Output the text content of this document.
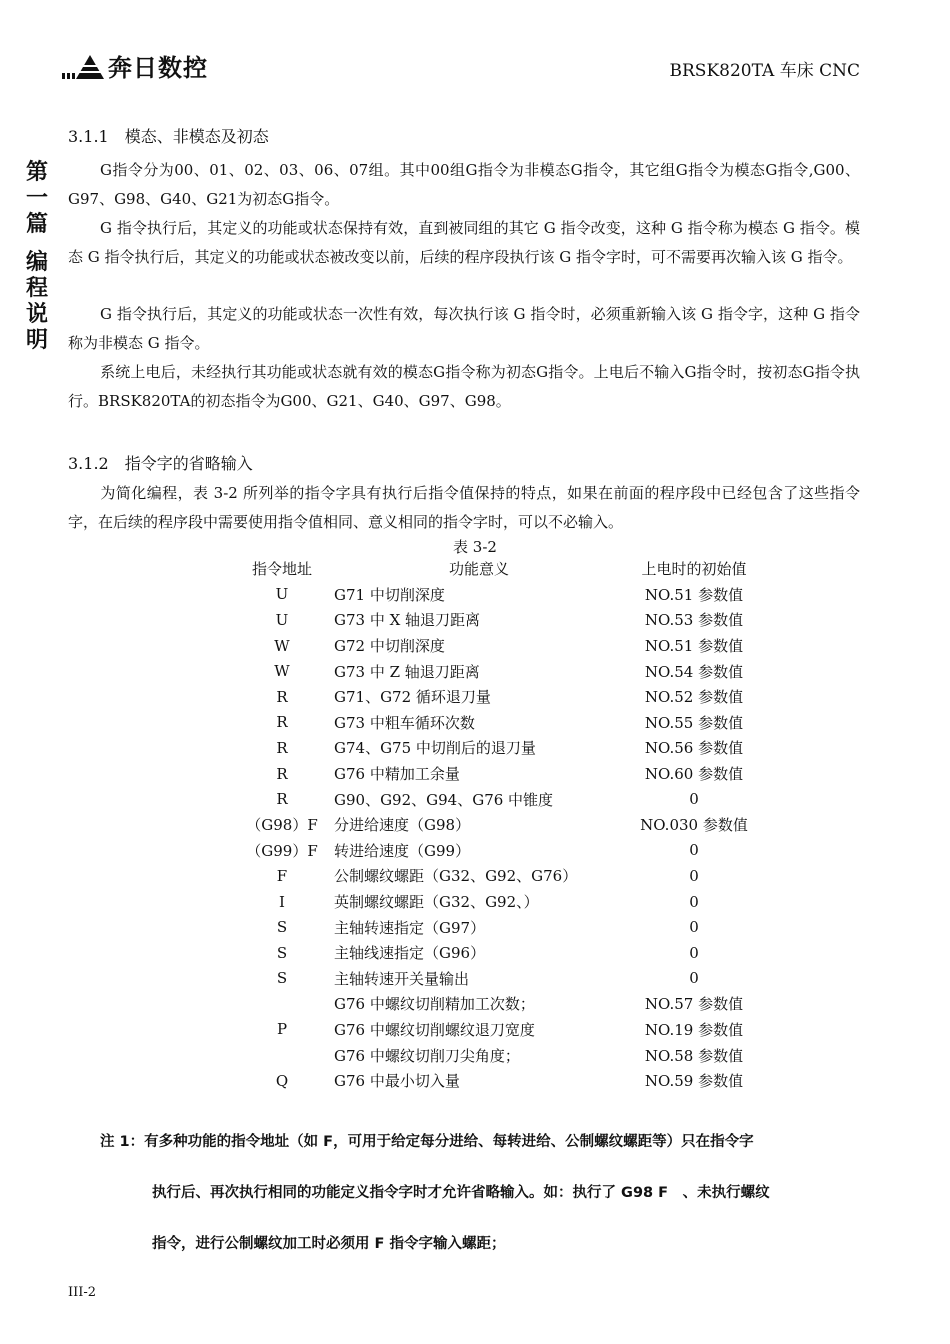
奔日数控	BRSK820TA 车床 CNC
第
一
篇
编
程
说
明
3.1.1　模态、非模态及初态
G指令分为00、01、02、03、06、07组。其中00组G指令为非模态G指令，其它组G指令为模态G指令,G00、G97、G98、G40、G21为初态G指令。
G 指令执行后，其定义的功能或状态保持有效，直到被同组的其它 G 指令改变，这种 G 指令称为模态 G 指令。模态 G 指令执行后，其定义的功能或状态被改变以前，后续的程序段执行该 G 指令字时，可不需要再次输入该 G 指令。
G 指令执行后，其定义的功能或状态一次性有效，每次执行该 G 指令时，必须重新输入该 G 指令字，这种 G 指令称为非模态 G 指令。
系统上电后，未经执行其功能或状态就有效的模态G指令称为初态G指令。上电后不输入G指令时，按初态G指令执行。BRSK820TA的初态指令为G00、G21、G40、G97、G98。
3.1.2　指令字的省略输入
为简化编程，表 3-2 所列举的指令字具有执行后指令值保持的特点，如果在前面的程序段中已经包含了这些指令字，在后续的程序段中需要使用指令值相同、意义相同的指令字时，可以不必输入。
表 3-2
指令地址	功能意义	上电时的初始值
U	G71 中切削深度	NO.51 参数值
U	G73 中 X 轴退刀距离	NO.53 参数值
W	G72 中切削深度	NO.51 参数值
W	G73 中 Z 轴退刀距离	NO.54 参数值
R	G71、G72 循环退刀量	NO.52 参数值
R	G73 中粗车循环次数	NO.55 参数值
R	G74、G75 中切削后的退刀量	NO.56 参数值
R	G76 中精加工余量	NO.60 参数值
R	G90、G92、G94、G76 中锥度	0
（G98）F	分进给速度（G98）	NO.030 参数值
（G99）F	转进给速度（G99）	0
F	公制螺纹螺距（G32、G92、G76）	0
I	英制螺纹螺距（G32、G92、）	0
S	主轴转速指定（G97）	0
S	主轴线速指定（G96）	0
S	主轴转速开关量输出	0
	G76 中螺纹切削精加工次数；	NO.57 参数值
P	G76 中螺纹切削螺纹退刀宽度	NO.19 参数值
	G76 中螺纹切削刀尖角度；	NO.58 参数值
Q	G76 中最小切入量	NO.59 参数值
注 1：有多种功能的指令地址（如 F，可用于给定每分进给、每转进给、公制螺纹螺距等）只在指令字
执行后、再次执行相同的功能定义指令字时才允许省略输入。如：执行了 G98 F　、未执行螺纹
指令，进行公制螺纹加工时必须用 F 指令字输入螺距；
III-2
